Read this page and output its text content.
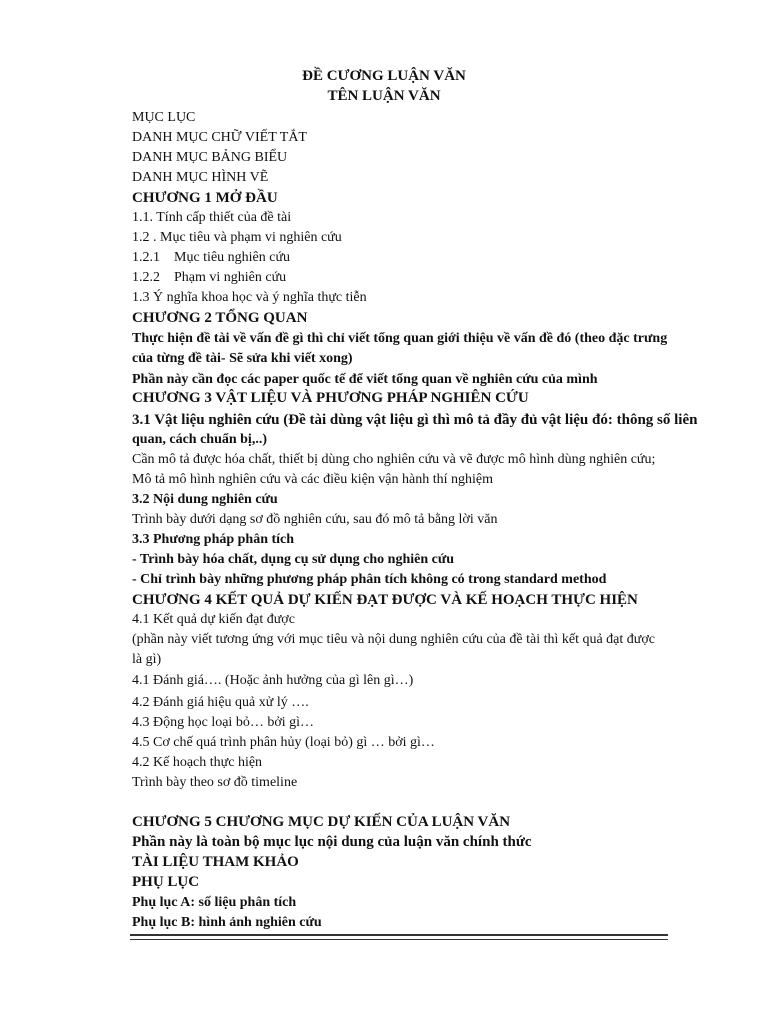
ĐỀ CƯƠNG LUẬN VĂN
TÊN LUẬN VĂN
MỤC LỤC
DANH MỤC CHỮ VIẾT TẮT
DANH MỤC BẢNG BIỂU
DANH MỤC HÌNH VẼ
CHƯƠNG 1 MỞ ĐẦU
1.1. Tính cấp thiết của đề tài
1.2 . Mục tiêu và phạm vi nghiên cứu
1.2.1 Mục tiêu nghiên cứu
1.2.2 Phạm vi nghiên cứu
1.3 Ý nghĩa khoa học và ý nghĩa thực tiễn
CHƯƠNG 2 TỔNG QUAN
Thực hiện đề tài về vấn đề gì thì chỉ viết tổng quan giới thiệu về vấn đề đó (theo đặc trưng
của từng đề tài- Sẽ sửa khi viết xong)
Phần này cần đọc các paper quốc tế để viết tổng quan về nghiên cứu của mình
CHƯƠNG 3 VẬT LIỆU VÀ PHƯƠNG PHÁP NGHIÊN CỨU
3.1 Vật liệu nghiên cứu (Đề tài dùng vật liệu gì thì mô tả đầy đủ vật liệu đó: thông số liên
quan, cách chuẩn bị,..)
Cần mô tả được hóa chất, thiết bị dùng cho nghiên cứu và vẽ được mô hình dùng nghiên cứu;
Mô tả mô hình nghiên cứu và các điều kiện vận hành thí nghiệm
3.2 Nội dung nghiên cứu
Trình bày dưới dạng sơ đồ nghiên cứu, sau đó mô tả bằng lời văn
3.3 Phương pháp phân tích
- Trình bày hóa chất, dụng cụ sử dụng cho nghiên cứu
- Chỉ trình bày những phương pháp phân tích không có trong standard method
CHƯƠNG 4 KẾT QUẢ DỰ KIẾN ĐẠT ĐƯỢC VÀ KẾ HOẠCH THỰC HIỆN
4.1 Kết quả dự kiến đạt được
(phần này viết tương ứng với mục tiêu và nội dung nghiên cứu của đề tài thì kết quả đạt được
là gì)
4.1 Đánh giá…. (Hoặc ảnh hưởng của gì lên gì…)
4.2 Đánh giá hiệu quả xử lý ….
4.3 Động học loại bỏ… bởi gì…
4.5 Cơ chế quá trình phân hủy (loại bỏ) gì … bởi gì…
4.2 Kế hoạch thực hiện
Trình bày theo sơ đồ timeline
CHƯƠNG 5 CHƯƠNG MỤC DỰ KIẾN CỦA LUẬN VĂN
Phần này là toàn bộ mục lục nội dung của luận văn chính thức
TÀI LIỆU THAM KHẢO
PHỤ LỤC
Phụ lục A: số liệu phân tích
Phụ lục B: hình ảnh nghiên cứu
